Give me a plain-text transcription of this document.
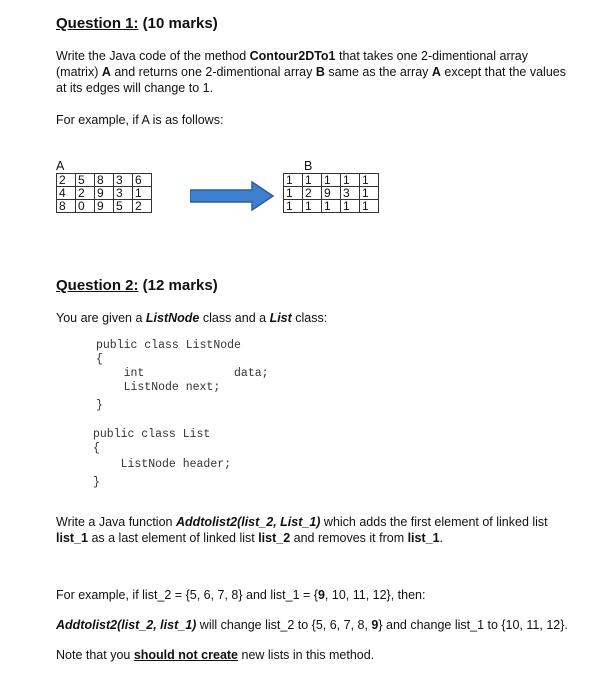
Question 1: (10 marks)
Write the Java code of the method Contour2DTo1 that takes one 2-dimentional array
(matrix) A and returns one 2-dimentional array B same as the array A except that the values
at its edges will change to 1.
For example, if A is as follows:
A
2	5	8	3	6
4	2	9	3	1
8	0	9	5	2
B
1	1	1	1	1
1	2	9	3	1
1	1	1	1	1
Question 2: (12 marks)
You are given a ListNode class and a List class:
public class ListNode
{
int             data;
ListNode next;
}
public class List
{
ListNode header;
}
Write a Java function Addtolist2(list_2, List_1) which adds the first element of linked list
list_1 as a last element of linked list list_2 and removes it from list_1.
For example, if list_2 = {5, 6, 7, 8} and list_1 = {9, 10, 11, 12}, then:
Addtolist2(list_2, list_1) will change list_2 to {5, 6, 7, 8, 9} and change list_1 to {10, 11, 12}.
Note that you should not create new lists in this method.
